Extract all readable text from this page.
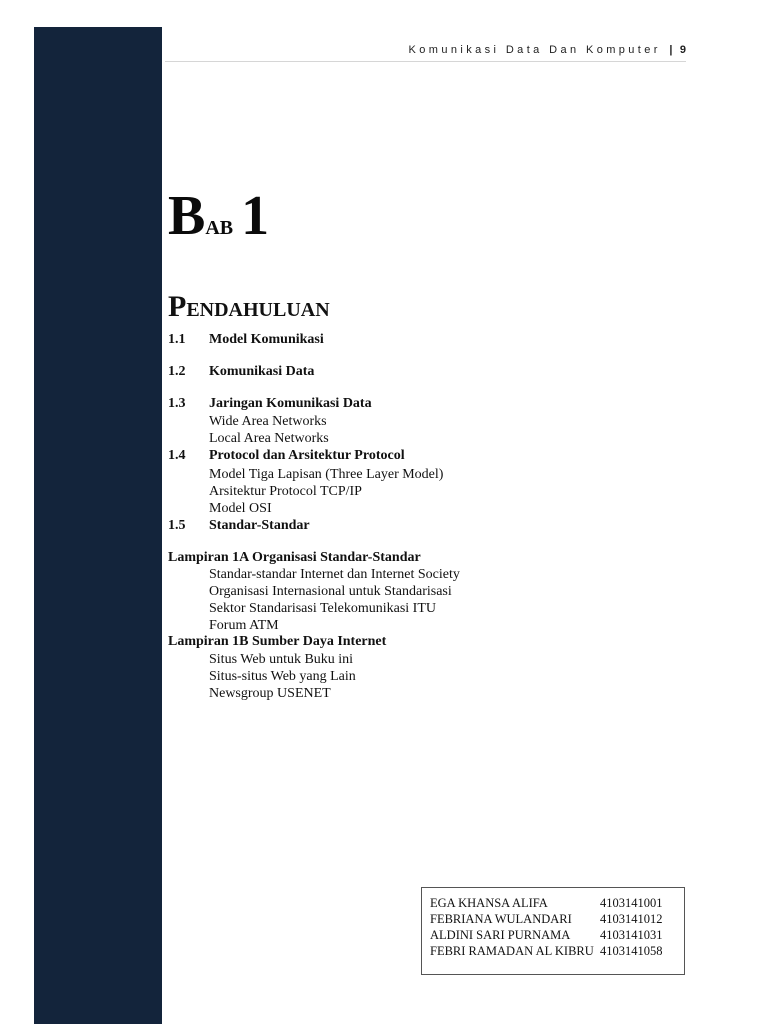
Komunikasi Data Dan Komputer | 9
BAB 1
PENDAHULUAN
1.1 Model Komunikasi
1.2 Komunikasi Data
1.3 Jaringan Komunikasi Data
Wide Area Networks
Local Area Networks
1.4 Protocol dan Arsitektur Protocol
Model Tiga Lapisan (Three Layer Model)
Arsitektur Protocol TCP/IP
Model OSI
1.5 Standar-Standar
Lampiran 1A Organisasi Standar-Standar
Standar-standar Internet dan Internet Society
Organisasi Internasional untuk Standarisasi
Sektor Standarisasi Telekomunikasi ITU
Forum ATM
Lampiran 1B Sumber Daya Internet
Situs Web untuk Buku ini
Situs-situs Web yang Lain
Newsgroup USENET
EGA KHANSA ALIFA	4103141001
FEBRIANA WULANDARI 4103141012
ALDINI SARI PURNAMA 4103141031
FEBRI RAMADAN AL KIBRU 4103141058
